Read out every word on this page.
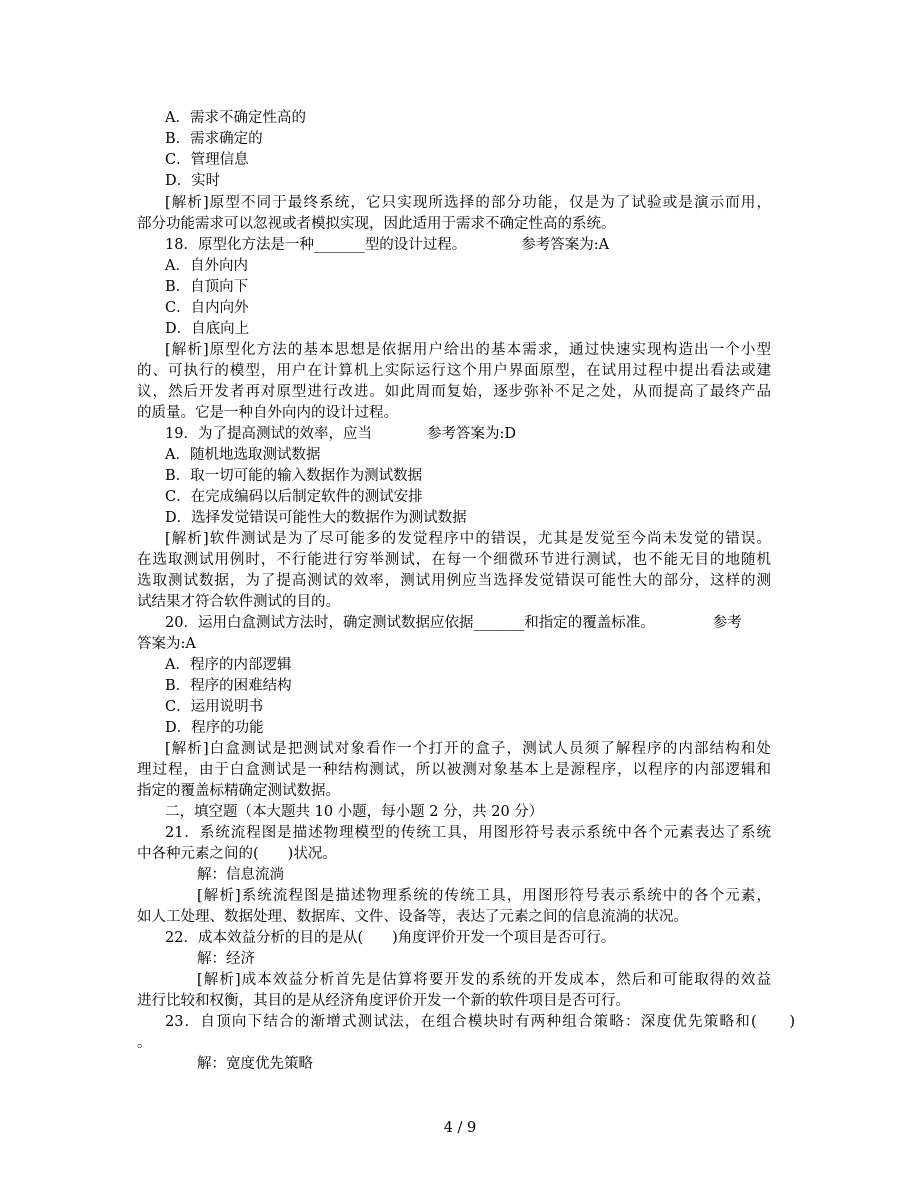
A．需求不确定性高的
B．需求确定的
C．管理信息
D．实时
[解析]原型不同于最终系统，它只实现所选择的部分功能，仅是为了试验或是演示而用，
部分功能需求可以忽视或者模拟实现，因此适用于需求不确定性高的系统。
18．原型化方法是一种_______型的设计过程。	参考答案为:A
A．自外向内
B．自顶向下
C．自内向外
D．自底向上
[解析]原型化方法的基本思想是依据用户给出的基本需求，通过快速实现构造出一个小型
的、可执行的模型，用户在计算机上实际运行这个用户界面原型，在试用过程中提出看法或建
议，然后开发者再对原型进行改进。如此周而复始，逐步弥补不足之处，从而提高了最终产品
的质量。它是一种自外向内的设计过程。
19．为了提高测试的效率，应当	参考答案为:D
A．随机地选取测试数据
B．取一切可能的输入数据作为测试数据
C．在完成编码以后制定软件的测试安排
D．选择发觉错误可能性大的数据作为测试数据
[解析]软件测试是为了尽可能多的发觉程序中的错误，尤其是发觉至今尚未发觉的错误。
在选取测试用例时，不行能进行穷举测试，在每一个细微环节进行测试，也不能无目的地随机
选取测试数据，为了提高测试的效率，测试用例应当选择发觉错误可能性大的部分，这样的测
试结果才符合软件测试的目的。
20．运用白盒测试方法时，确定测试数据应依据_______和指定的覆盖标准。	参考
答案为:A
A．程序的内部逻辑
B．程序的困难结构
C．运用说明书
D．程序的功能
[解析]白盒测试是把测试对象看作一个打开的盒子，测试人员须了解程序的内部结构和处
理过程，由于白盒测试是一种结构测试，所以被测对象基本上是源程序，以程序的内部逻辑和
指定的覆盖标精确定测试数据。
二，填空题（本大题共 10 小题，每小题 2 分，共 20 分）
21．系统流程图是描述物理模型的传统工具，用图形符号表示系统中各个元素表达了系统
中各种元素之间的(　　)状况。
解：信息流淌
[解析]系统流程图是描述物理系统的传统工具，用图形符号表示系统中的各个元素，
如人工处理、数据处理、数据库、文件、设备等，表达了元素之间的信息流淌的状况。
22．成本效益分析的目的是从(　　)角度评价开发一个项目是否可行。
解：经济
[解析]成本效益分析首先是估算将要开发的系统的开发成本，然后和可能取得的效益
进行比较和权衡，其目的是从经济角度评价开发一个新的软件项目是否可行。
23．自顶向下结合的渐增式测试法，在组合模块时有两种组合策略：深度优先策略和(　　)
。
解：宽度优先策略
4 / 9
